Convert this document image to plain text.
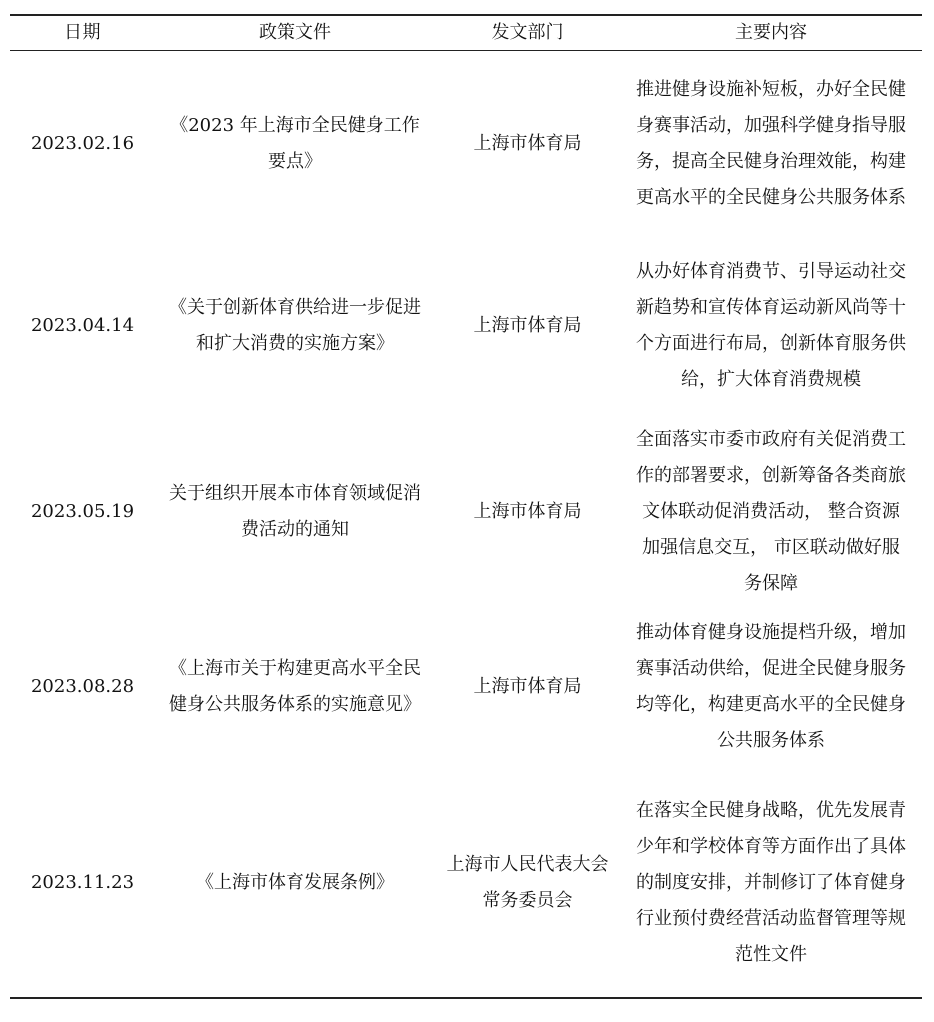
日期	政策文件	发文部门	主要内容
2023.02.16	《2023 年上海市全民健身工作要点》	上海市体育局	推进健身设施补短板，办好全民健身赛事活动，加强科学健身指导服务，提高全民健身治理效能，构建更高水平的全民健身公共服务体系
2023.04.14	《关于创新体育供给进一步促进和扩大消费的实施方案》	上海市体育局	从办好体育消费节、引导运动社交新趋势和宣传体育运动新风尚等十个方面进行布局，创新体育服务供给，扩大体育消费规模
2023.05.19	关于组织开展本市体育领域促消费活动的通知	上海市体育局	全面落实市委市政府有关促消费工作的部署要求，创新筹备各类商旅文体联动促消费活动， 整合资源加强信息交互， 市区联动做好服务保障
2023.08.28	《上海市关于构建更高水平全民健身公共服务体系的实施意见》	上海市体育局	推动体育健身设施提档升级，增加赛事活动供给，促进全民健身服务均等化，构建更高水平的全民健身公共服务体系
2023.11.23	《上海市体育发展条例》	上海市人民代表大会常务委员会	在落实全民健身战略，优先发展青少年和学校体育等方面作出了具体的制度安排，并制修订了体育健身行业预付费经营活动监督管理等规范性文件
